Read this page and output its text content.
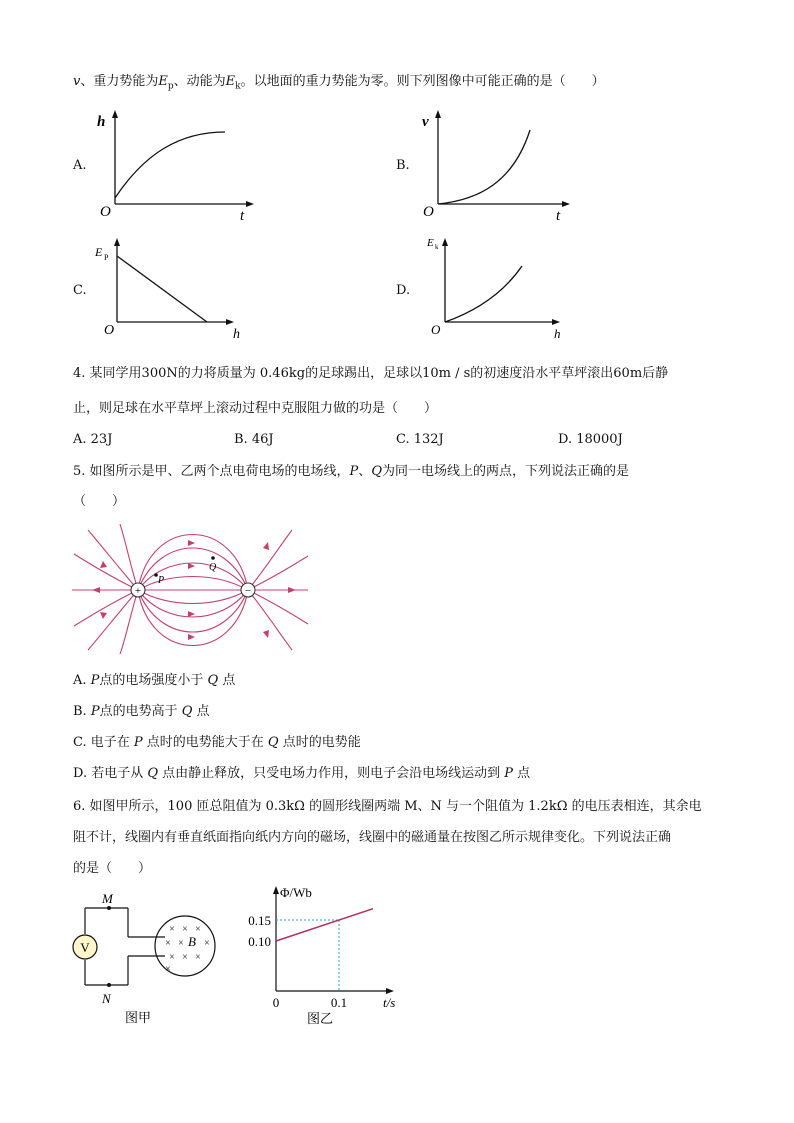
v、重力势能为$E_p$、动能为$E_k$。以地面的重力势能为零。则下列图像中可能正确的是（　　）
A.
h
O	t
B.
v
O	t
C.
E P
O	h
D.
E k
O	h
4. 某同学用300N的力将质量为 0.46kg的足球踢出，足球以10m / s的初速度沿水平草坪滚出60m后静
止，则足球在水平草坪上滚动过程中克服阻力做的功是（　　）
A. 23J	B. 46J	C. 132J	D. 18000J
5. 如图所示是甲、乙两个点电荷电场的电场线，P、Q为同一电场线上的两点，下列说法正确的是
（　　）
+	−
P
Q
A. P点的电场强度小于 Q 点
B. P点的电势高于 Q 点
C. 电子在 P 点时的电势能大于在 Q 点时的电势能
D. 若电子从 Q 点由静止释放，只受电场力作用，则电子会沿电场线运动到 P 点
6. 如图甲所示，100 匝总阻值为 0.3kΩ 的圆形线圈两端 M、N 与一个阻值为 1.2kΩ 的电压表相连，其余电
阻不计，线圈内有垂直纸面指向纸内方向的磁场，线圈中的磁通量在按图乙所示规律变化。下列说法正确
的是（　　）
V
M
N
× × ×
× × ×
× × ×
×
B
图甲
0.15
0.10
0	0.1
Φ/Wb
t/s
图乙
